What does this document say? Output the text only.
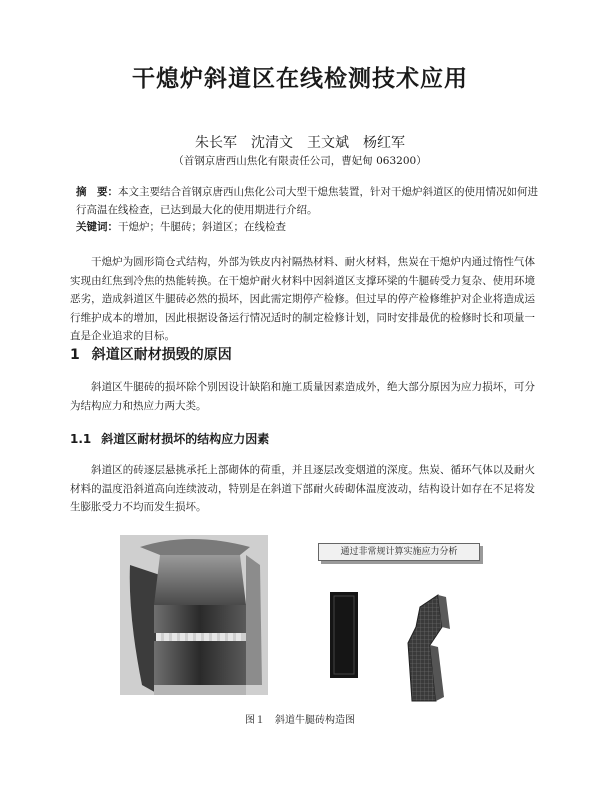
干熄炉斜道区在线检测技术应用
朱长军　沈清文　王文斌　杨红军
（首钢京唐西山焦化有限责任公司，曹妃甸 063200）
摘　要：本文主要结合首钢京唐西山焦化公司大型干熄焦装置，针对干熄炉斜道区的使用情况如何进行高温在线检查，已达到最大化的使用期进行介绍。
关键词：干熄炉；牛腿砖；斜道区；在线检查

干熄炉为圆形筒仓式结构，外部为铁皮内衬隔热材料、耐火材料，焦炭在干熄炉内通过惰性气体实现由红焦到冷焦的热能转换。在干熄炉耐火材料中因斜道区支撑环梁的牛腿砖受力复杂、使用环境恶劣，造成斜道区牛腿砖必然的损坏，因此需定期停产检修。但过早的停产检修维护对企业将造成运行维护成本的增加，因此根据设备运行情况适时的制定检修计划，同时安排最优的检修时长和项量一直是企业追求的目标。

1 斜道区耐材损毁的原因

斜道区牛腿砖的损坏除个别因设计缺陷和施工质量因素造成外，绝大部分原因为应力损坏，可分为结构应力和热应力两大类。

1.1 斜道区耐材损坏的结构应力因素

斜道区的砖逐层悬挑承托上部砌体的荷重，并且逐层改变烟道的深度。焦炭、循环气体以及耐火材料的温度沿斜道高向连续波动，特别是在斜道下部耐火砖砌体温度波动，结构设计如存在不足将发生膨胀受力不均而发生损坏。

通过非常规计算实施应力分析
图１　斜道牛腿砖构造图
